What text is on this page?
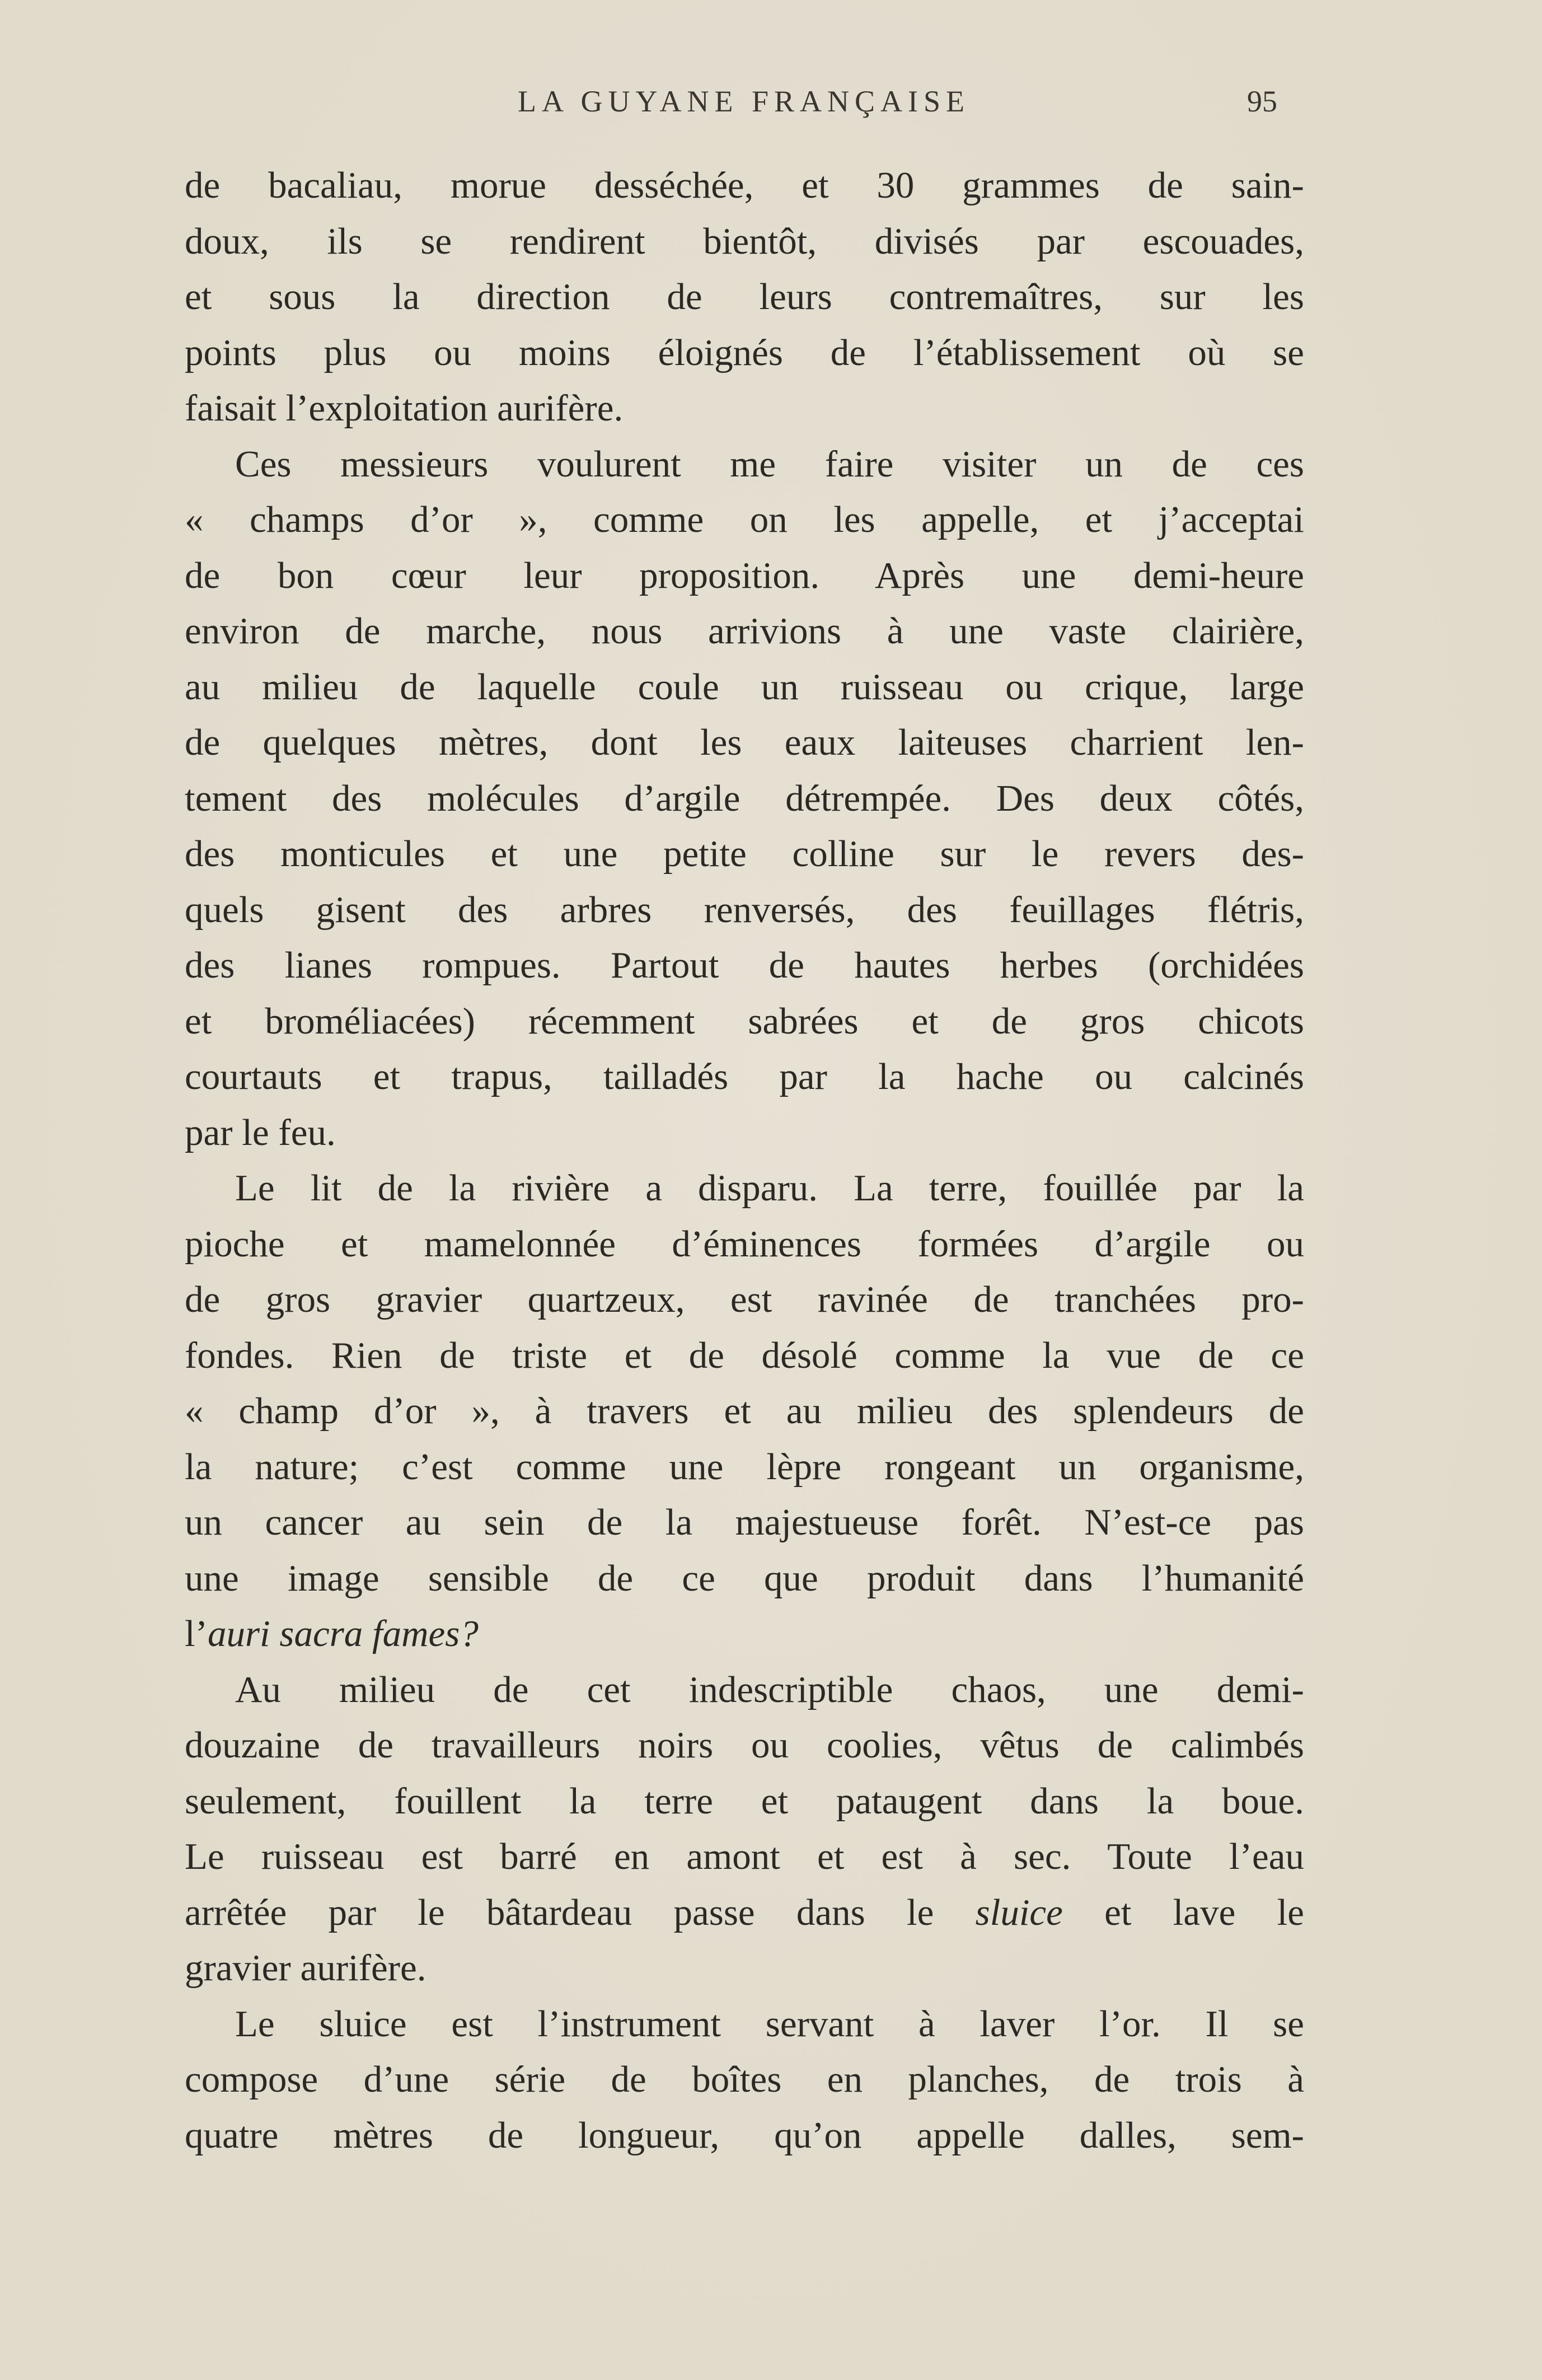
LA GUYANE FRANÇAISE	95
de bacaliau, morue desséchée, et 30 grammes de sain-
doux, ils se rendirent bientôt, divisés par escouades,
et sous la direction de leurs contremaîtres, sur les
points plus ou moins éloignés de l’établissement où se
faisait l’exploitation aurifère.
Ces messieurs voulurent me faire visiter un de ces
« champs d’or », comme on les appelle, et j’acceptai
de bon cœur leur proposition. Après une demi-heure
environ de marche, nous arrivions à une vaste clairière,
au milieu de laquelle coule un ruisseau ou crique, large
de quelques mètres, dont les eaux laiteuses charrient len-
tement des molécules d’argile détrempée. Des deux côtés,
des monticules et une petite colline sur le revers des-
quels gisent des arbres renversés, des feuillages flétris,
des lianes rompues. Partout de hautes herbes (orchidées
et broméliacées) récemment sabrées et de gros chicots
courtauts et trapus, tailladés par la hache ou calcinés
par le feu.
Le lit de la rivière a disparu. La terre, fouillée par la
pioche et mamelonnée d’éminences formées d’argile ou
de gros gravier quartzeux, est ravinée de tranchées pro-
fondes. Rien de triste et de désolé comme la vue de ce
« champ d’or », à travers et au milieu des splendeurs de
la nature; c’est comme une lèpre rongeant un organisme,
un cancer au sein de la majestueuse forêt. N’est-ce pas
une image sensible de ce que produit dans l’humanité
l’auri sacra fames?
Au milieu de cet indescriptible chaos, une demi-
douzaine de travailleurs noirs ou coolies, vêtus de calimbés
seulement, fouillent la terre et pataugent dans la boue.
Le ruisseau est barré en amont et est à sec. Toute l’eau
arrêtée par le bâtardeau passe dans le sluice et lave le
gravier aurifère.
Le sluice est l’instrument servant à laver l’or. Il se
compose d’une série de boîtes en planches, de trois à
quatre mètres de longueur, qu’on appelle dalles, sem-
